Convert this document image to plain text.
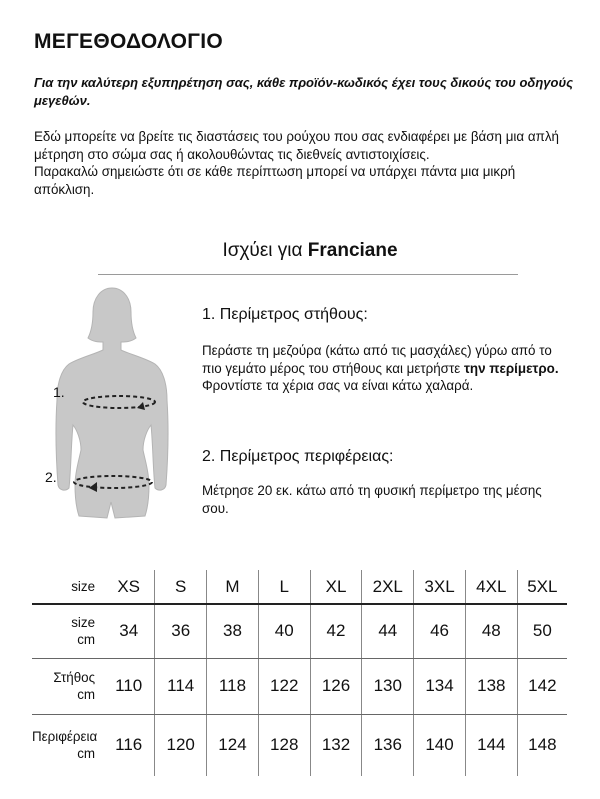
ΜΕΓΕΘΟΔΟΛΟΓΙΟ
Για την καλύτερη εξυπηρέτηση σας, κάθε προϊόν-κωδικός έχει τους δικούς του οδηγούς μεγεθών.

Εδώ μπορείτε να βρείτε τις διαστάσεις του ρούχου που σας ενδιαφέρει με βάση μια απλή μέτρηση στο σώμα σας ή ακολουθώντας τις διεθνείς αντιστοιχίσεις.

Παρακαλώ σημειώστε ότι σε κάθε περίπτωση μπορεί να υπάρχει πάντα μια μικρή απόκλιση.

Ισχύει για Franciane
1.
2.
1. Περίμετρος στήθους:
Περάστε τη μεζούρα (κάτω από τις μασχάλες) γύρω από το πιο γεμάτο μέρος του στήθους και μετρήστε την περίμετρο.
Φροντίστε τα χέρια σας να είναι κάτω χαλαρά.
2. Περίμετρος περιφέρειας:
Μέτρησε 20 εκ. κάτω από τη φυσική περίμετρο της μέσης σου.
size	XS	S	M	L	XL	2XL	3XL	4XL	5XL
size
cm	34	36	38	40	42	44	46	48	50
Στήθος
cm	110	114	118	122	126	130	134	138	142
Περιφέρεια
cm	116	120	124	128	132	136	140	144	148
